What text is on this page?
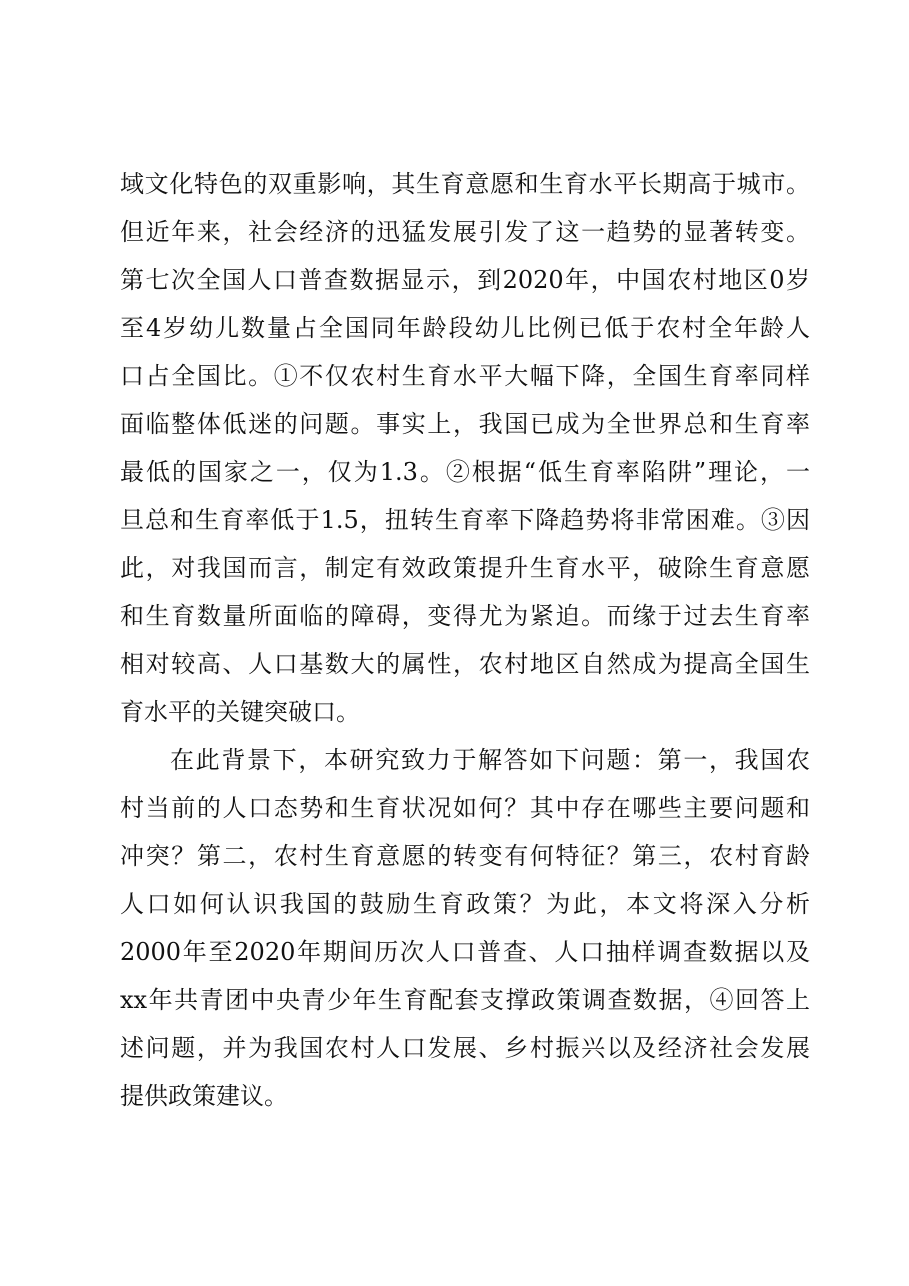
域文化特色的双重影响，其生育意愿和生育水平长期高于城市。
但近年来，社会经济的迅猛发展引发了这一趋势的显著转变。
第七次全国人口普查数据显示，到2020年，中国农村地区0岁
至4岁幼儿数量占全国同年龄段幼儿比例已低于农村全年龄人
口占全国比。①不仅农村生育水平大幅下降，全国生育率同样
面临整体低迷的问题。事实上，我国已成为全世界总和生育率
最低的国家之一，仅为1.3。②根据“低生育率陷阱”理论，一
旦总和生育率低于1.5，扭转生育率下降趋势将非常困难。③因
此，对我国而言，制定有效政策提升生育水平，破除生育意愿
和生育数量所面临的障碍，变得尤为紧迫。而缘于过去生育率
相对较高、人口基数大的属性，农村地区自然成为提高全国生
育水平的关键突破口。
在此背景下，本研究致力于解答如下问题：第一，我国农
村当前的人口态势和生育状况如何？其中存在哪些主要问题和
冲突？第二，农村生育意愿的转变有何特征？第三，农村育龄
人口如何认识我国的鼓励生育政策？为此，本文将深入分析
2000年至2020年期间历次人口普查、人口抽样调查数据以及
xx年共青团中央青少年生育配套支撑政策调查数据，④回答上
述问题，并为我国农村人口发展、乡村振兴以及经济社会发展
提供政策建议。
